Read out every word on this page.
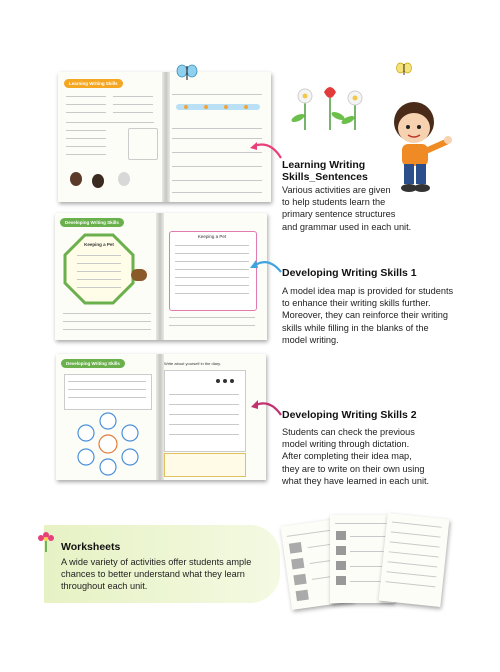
Learning Writing Skills

Learning Writing
Skills_Sentences

Various activities are given
to help students learn the
primary sentence structures
and grammar used in each unit.

Developing Writing Skills
Keeping a Pet
Keeping a Pet

Developing Writing Skills 1

A model idea map is provided for students
to enhance their writing skills further.
Moreover, they can reinforce their writing
skills while filling in the blanks of the
model writing.

Developing Writing Skills	Write about yourself in the diary.

Developing Writing Skills 2

Students can check the previous
model writing through dictation.
After completing their idea map,
they are to write on their own using
what they have learned in each unit.

Worksheets

A wide variety of activities offer students ample
chances to better understand what they learn
throughout each unit.
